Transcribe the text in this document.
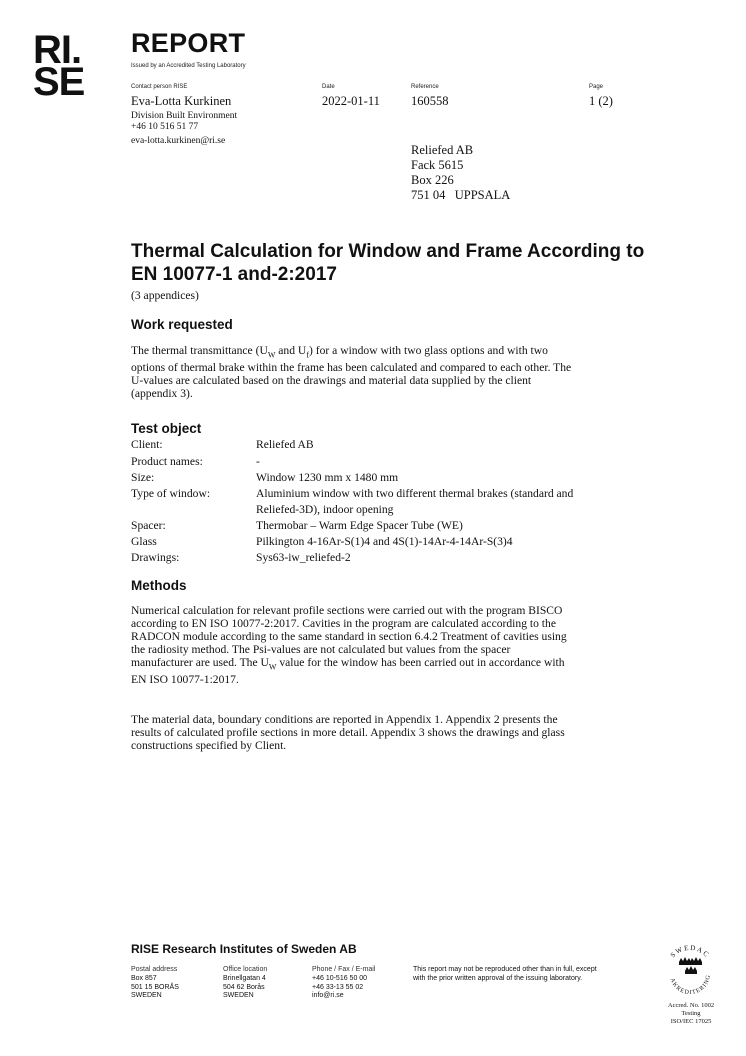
RI.
SE
REPORT
Issued by an Accredited Testing Laboratory
Contact person RISE
Eva-Lotta Kurkinen
Division Built Environment
+46 10 516 51 77
eva-lotta.kurkinen@ri.se
Date
2022-01-11
Reference
160558
Page
1 (2)
Reliefed AB
Fack 5615
Box 226
751 04   UPPSALA
Thermal Calculation for Window and Frame According to
EN 10077-1 and-2:2017
(3 appendices)
Work requested
The thermal transmittance ($U_W$ and $U_f$) for a window with two glass options and with two
options of thermal brake within the frame has been calculated and compared to each other. The
U-values are calculated based on the drawings and material data supplied by the client
(appendix 3).
Test object
Client:	Reliefed AB
Product names:	-
Size:	Window 1230 mm x 1480 mm
Type of window:	Aluminium window with two different thermal brakes (standard and
Reliefed-3D), indoor opening
Spacer:	Thermobar – Warm Edge Spacer Tube (WE)
Glass	Pilkington 4-16Ar-S(1)4 and 4S(1)-14Ar-4-14Ar-S(3)4
Drawings:	Sys63-iw_reliefed-2
Methods
Numerical calculation for relevant profile sections were carried out with the program BISCO
according to EN ISO 10077-2:2017. Cavities in the program are calculated according to the
RADCON module according to the same standard in section 6.4.2 Treatment of cavities using
the radiosity method. The Psi-values are not calculated but values from the spacer
manufacturer are used. The $U_W$ value for the window has been carried out in accordance with
EN ISO 10077-1:2017.
The material data, boundary conditions are reported in Appendix 1. Appendix 2 presents the
results of calculated profile sections in more detail. Appendix 3 shows the drawings and glass
constructions specified by Client.
RISE Research Institutes of Sweden AB
Postal address
Box 857
501 15 BORÅS
SWEDEN
Office location
Brinellgatan 4
504 62 Borås
SWEDEN
Phone / Fax / E-mail
+46 10-516 50 00
+46 33-13 55 02
info@ri.se
This report may not be reproduced other than in full, except
with the prior written approval of the issuing laboratory.
SWEDAC
AKREDITERING
Accred. No. 1002
Testing
ISO/IEC 17025
